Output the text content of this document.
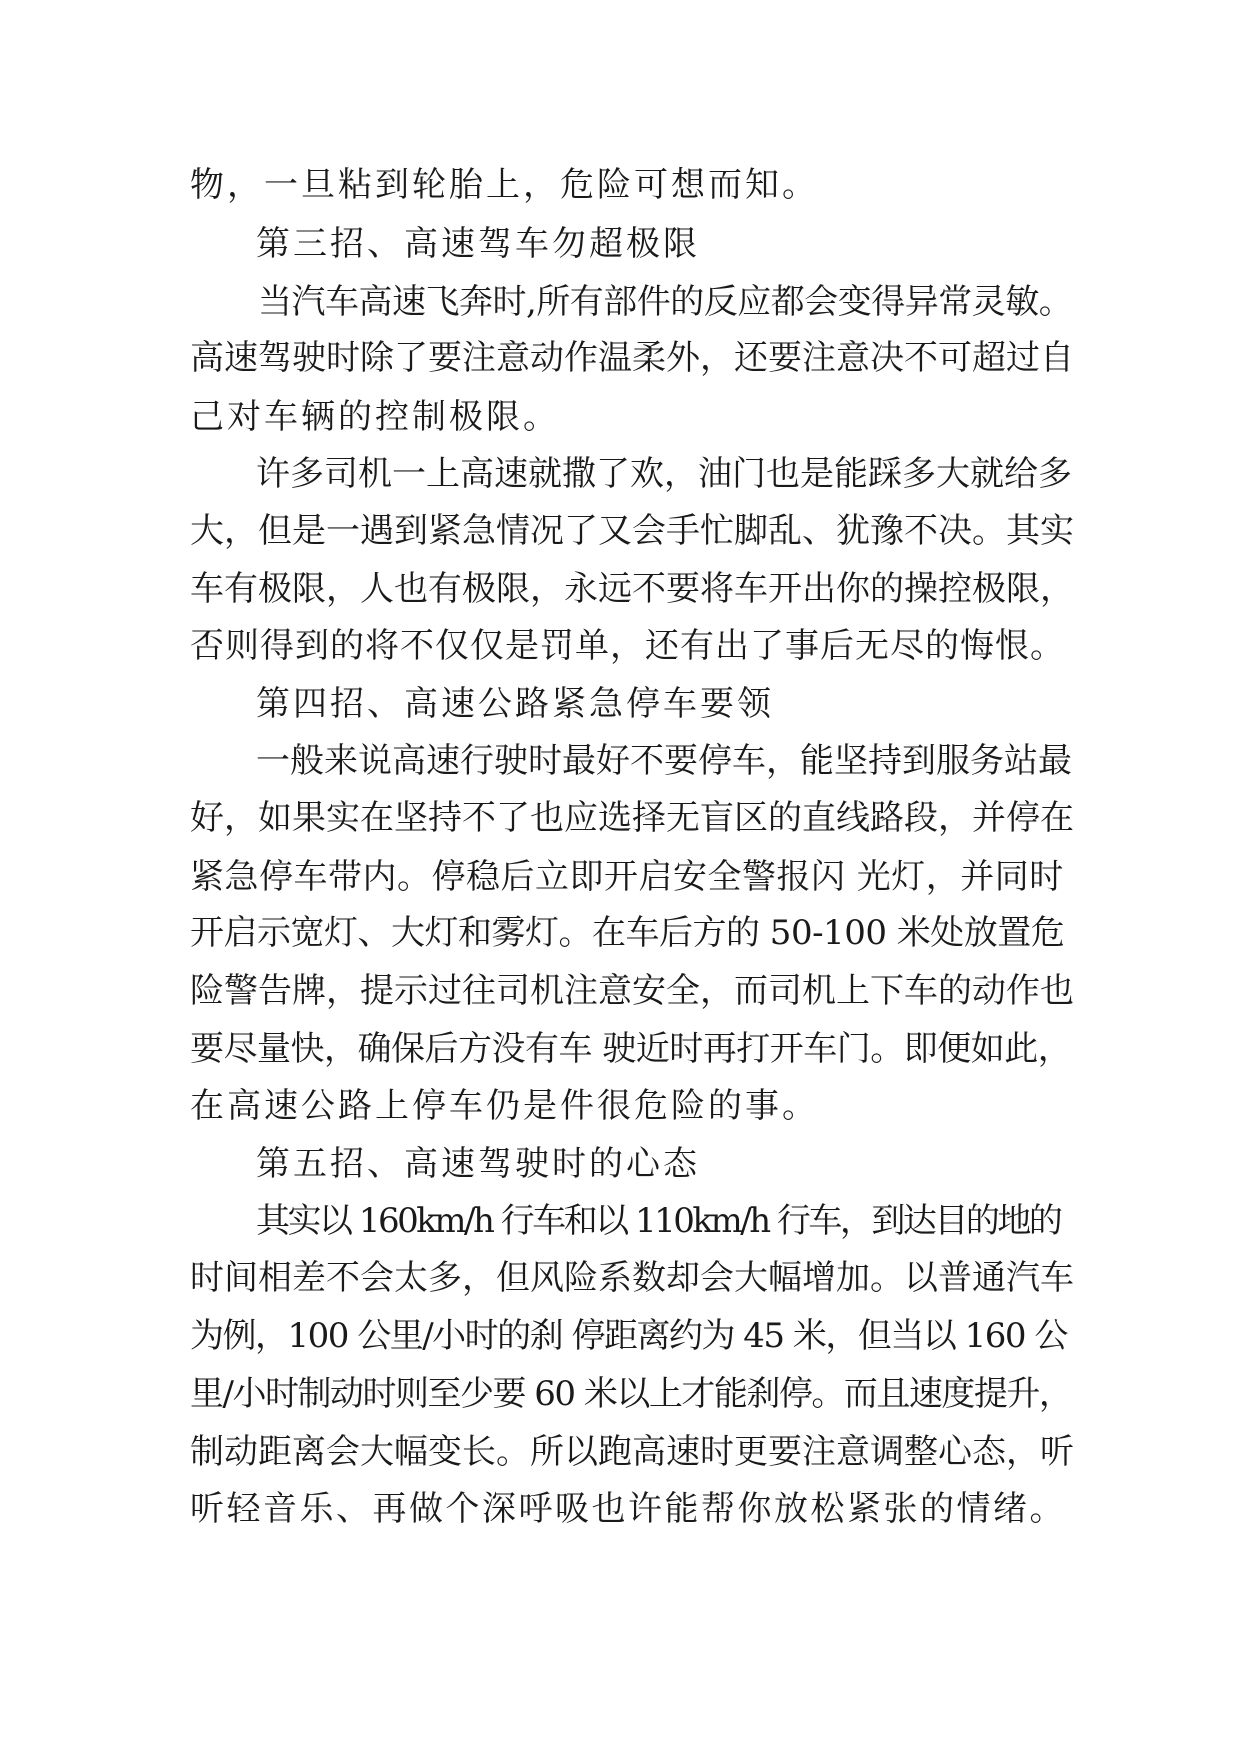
物，一旦粘到轮胎上，危险可想而知。
第三招、高速驾车勿超极限
当汽车高速飞奔时,所有部件的反应都会变得异常灵敏。
高速驾驶时除了要注意动作温柔外，还要注意决不可超过自
己对车辆的控制极限。
许多司机一上高速就撒了欢，油门也是能踩多大就给多
大，但是一遇到紧急情况了又会手忙脚乱、犹豫不决。其实
车有极限，人也有极限，永远不要将车开出你的操控极限，
否则得到的将不仅仅是罚单，还有出了事后无尽的悔恨。
第四招、高速公路紧急停车要领
一般来说高速行驶时最好不要停车，能坚持到服务站最
好，如果实在坚持不了也应选择无盲区的直线路段，并停在
紧急停车带内。停稳后立即开启安全警报闪 光灯，并同时
开启示宽灯、大灯和雾灯。在车后方的 50-100 米处放置危
险警告牌，提示过往司机注意安全，而司机上下车的动作也
要尽量快，确保后方没有车 驶近时再打开车门。即便如此，
在高速公路上停车仍是件很危险的事。
第五招、高速驾驶时的心态
其实以 160km/h 行车和以 110km/h 行车，到达目的地的
时间相差不会太多，但风险系数却会大幅增加。以普通汽车
为例，100 公里/小时的刹 停距离约为 45 米，但当以 160 公
里/小时制动时则至少要 60 米以上才能刹停。而且速度提升，
制动距离会大幅变长。所以跑高速时更要注意调整心态，听
听轻音乐、再做个深呼吸也许能帮你放松紧张的情绪。
